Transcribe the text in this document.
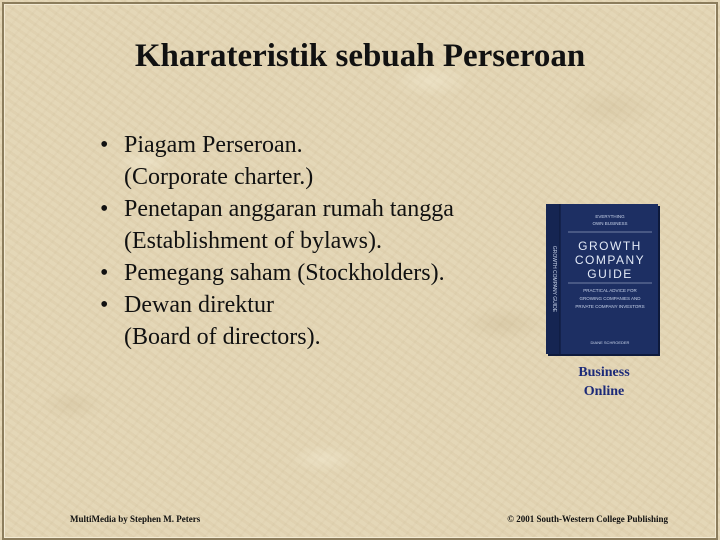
Kharateristik sebuah Perseroan
• Piagam Perseroan.
(Corporate charter.)
• Penetapan anggaran rumah tangga
(Establishment of bylaws).
• Pemegang saham (Stockholders).
• Dewan direktur
(Board of directors).
GROWTH COMPANY GUIDE
EVERYTHING
OWN BUSINESS
GROWTH
COMPANY
GUIDE
PRACTICAL ADVICE FOR
GROWING COMPANIES AND
PRIVATE COMPANY INVESTORS
DIANE SCHROEDER
Business
Online
MultiMedia by Stephen M. Peters	© 2001 South-Western College Publishing
